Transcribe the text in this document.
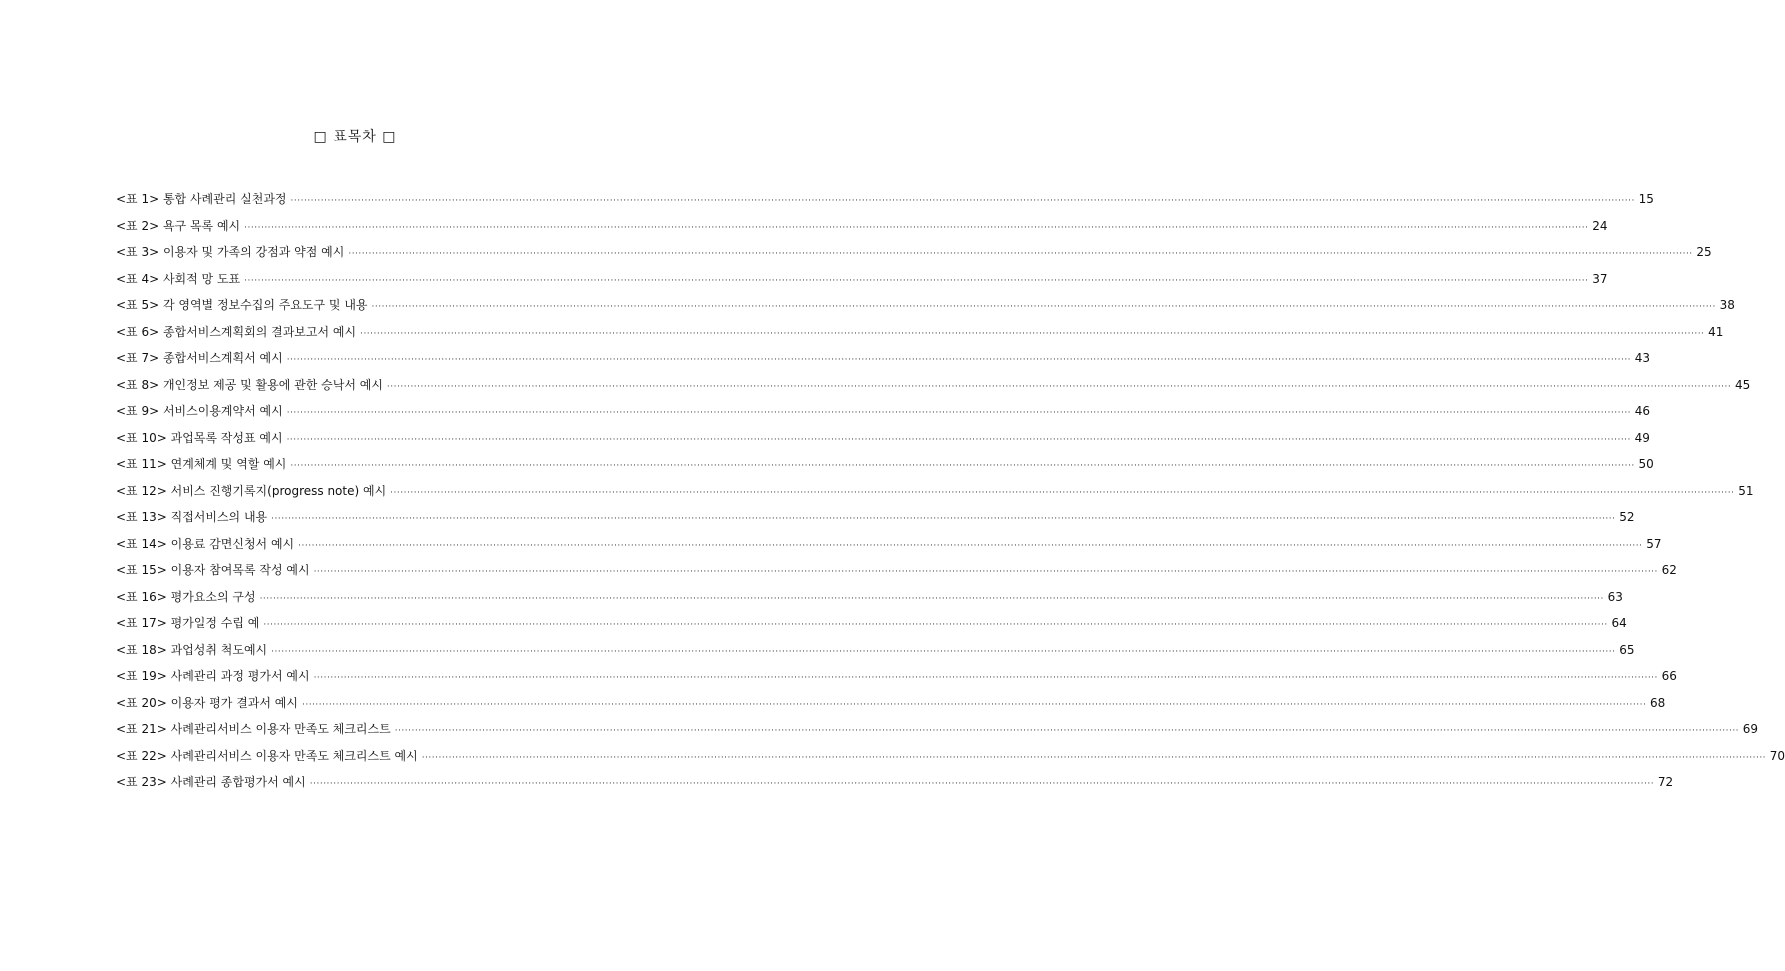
□ 표목차 □
<표 1> 통합 사례관리 실천과정 ················································································································································································································································································································································································································ 15
<표 2> 욕구 목록 예시 ················································································································································································································································································································································································································ 24
<표 3> 이용자 및 가족의 강점과 약점 예시 ················································································································································································································································································································································································································ 25
<표 4> 사회적 망 도표 ················································································································································································································································································································································································································ 37
<표 5> 각 영역별 정보수집의 주요도구 및 내용 ················································································································································································································································································································································································································ 38
<표 6> 종합서비스계획회의 결과보고서 예시 ················································································································································································································································································································································································································ 41
<표 7> 종합서비스계획서 예시 ················································································································································································································································································································································································································ 43
<표 8> 개인정보 제공 및 활용에 관한 승낙서 예시 ················································································································································································································································································································································································································ 45
<표 9> 서비스이용계약서 예시 ················································································································································································································································································································································································································ 46
<표 10> 과업목록 작성표 예시 ················································································································································································································································································································································································································ 49
<표 11> 연계체계 및 역할 예시 ················································································································································································································································································································································································································ 50
<표 12> 서비스 진행기록지(progress note) 예시 ················································································································································································································································································································································································································ 51
<표 13> 직접서비스의 내용 ················································································································································································································································································································································································································ 52
<표 14> 이용료 감면신청서 예시 ················································································································································································································································································································································································································ 57
<표 15> 이용자 참여목록 작성 예시 ················································································································································································································································································································································································································ 62
<표 16> 평가요소의 구성 ················································································································································································································································································································································································································ 63
<표 17> 평가일정 수립 예 ················································································································································································································································································································································································································ 64
<표 18> 과업성취 척도예시 ················································································································································································································································································································································································································ 65
<표 19> 사례관리 과정 평가서 예시 ················································································································································································································································································································································································································ 66
<표 20> 이용자 평가 결과서 예시 ················································································································································································································································································································································································································ 68
<표 21> 사례관리서비스 이용자 만족도 체크리스트 ················································································································································································································································································································································································································ 69
<표 22> 사례관리서비스 이용자 만족도 체크리스트 예시 ················································································································································································································································································································································································································ 70
<표 23> 사례관리 종합평가서 예시 ················································································································································································································································································································································································································ 72
